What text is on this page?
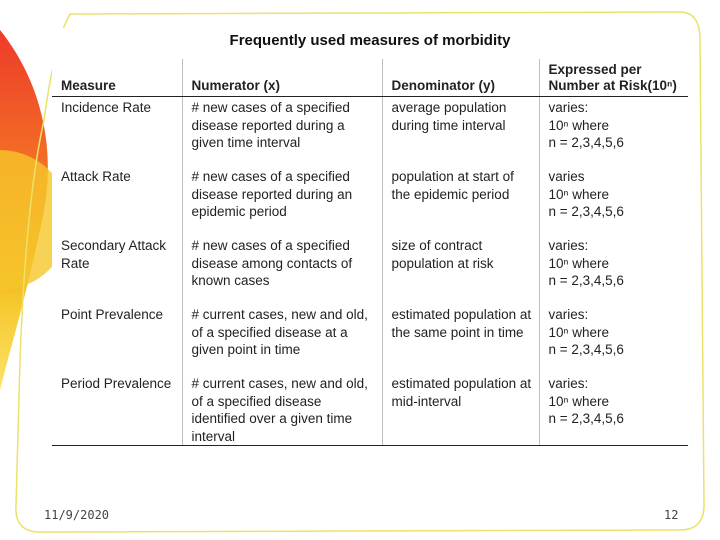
Frequently used measures of morbidity
Measure	Numerator (x)	Denominator (y)	Expressed per Number at Risk(10ⁿ)
Incidence Rate	# new cases of a specified disease reported during a given time interval	average population during time interval	varies:
10ⁿ where
n = 2,3,4,5,6

Attack Rate	# new cases of a specified disease reported during an epidemic period	population at start of the epidemic period	varies
10ⁿ where
n = 2,3,4,5,6

Secondary Attack Rate	# new cases of a specified disease among contacts of known cases	size of contract population at risk	varies:
10ⁿ where
n = 2,3,4,5,6

Point Prevalence	# current cases, new and old, of a specified disease at a given point in time	estimated population at the same point in time	varies:
10ⁿ where
n = 2,3,4,5,6

Period Prevalence	# current cases, new and old, of a specified disease identified over a given time interval	estimated population at mid-interval	varies:
10ⁿ where
n = 2,3,4,5,6
11/9/2020	12
